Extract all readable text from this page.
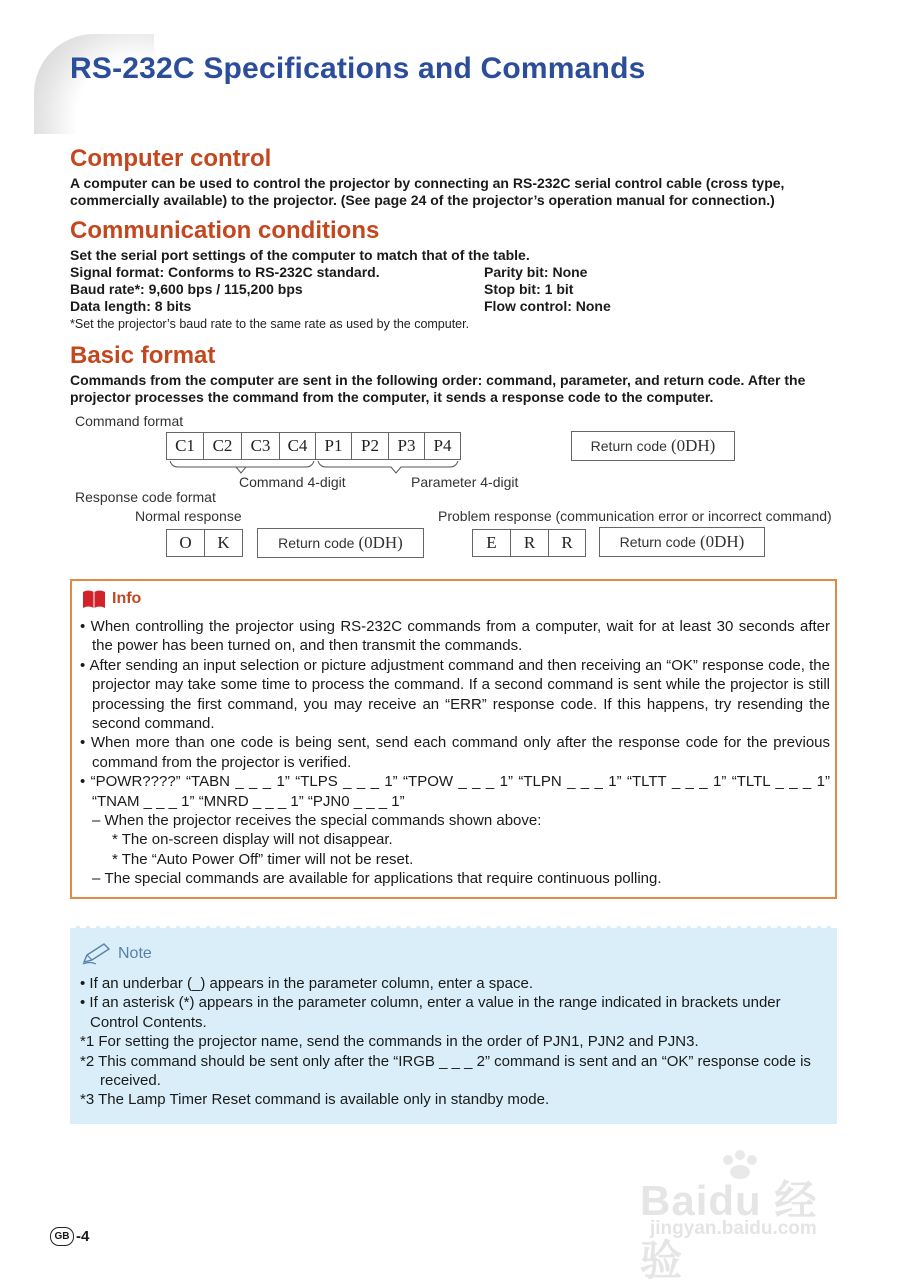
RS-232C Specifications and Commands
Computer control

A computer can be used to control the projector by connecting an RS-232C serial control cable (cross type, commercially available) to the projector. (See page 24 of the projector’s operation manual for connection.)

Communication conditions
Set the serial port settings of the computer to match that of the table.
Signal format: Conforms to RS-232C standard.
Baud rate*: 9,600 bps / 115,200 bps
Data length: 8 bits
Parity bit: None
Stop bit: 1 bit
Flow control: None
*Set the projector’s baud rate to the same rate as used by the computer.
Basic format

Commands from the computer are sent in the following order: command, parameter, and return code. After the projector processes the command from the computer, it sends a response code to the computer.

Command format
C1	C2	C3	C4	P1	P2	P3	P4	Return code (0DH)
Command 4-digit	Parameter 4-digit
Response code format
Normal response	Problem response (communication error or incorrect command)
O	K	Return code (0DH)	E	R	R	Return code (0DH)
Info
• When controlling the projector using RS-232C commands from a computer, wait for at least 30 seconds after the power has been turned on, and then transmit the commands.
• After sending an input selection or picture adjustment command and then receiving an “OK” response code, the projector may take some time to process the command. If a second command is sent while the projector is still processing the first command, you may receive an “ERR” response code. If this happens, try resending the second command.
• When more than one code is being sent, send each command only after the response code for the previous command from the projector is verified.
• “POWR????” “TABN _ _ _ 1” “TLPS _ _ _ 1” “TPOW _ _ _ 1” “TLPN _ _ _ 1” “TLTT _ _ _ 1” “TLTL _ _ _ 1” “TNAM _ _ _ 1” “MNRD _ _ _ 1” “PJN0 _ _ _ 1”
– When the projector receives the special commands shown above:
* The on-screen display will not disappear.
* The “Auto Power Off” timer will not be reset.
– The special commands are available for applications that require continuous polling.
Note
• If an underbar (_) appears in the parameter column, enter a space.
• If an asterisk (*) appears in the parameter column, enter a value in the range indicated in brackets under Control Contents.
*1 For setting the projector name, send the commands in the order of PJN1, PJN2 and PJN3.
*2 This command should be sent only after the “IRGB _ _ _ 2” command is sent and an “OK” response code is received.
*3 The Lamp Timer Reset command is available only in standby mode.
Baidu 经验
jingyan.baidu.com
GB -4
